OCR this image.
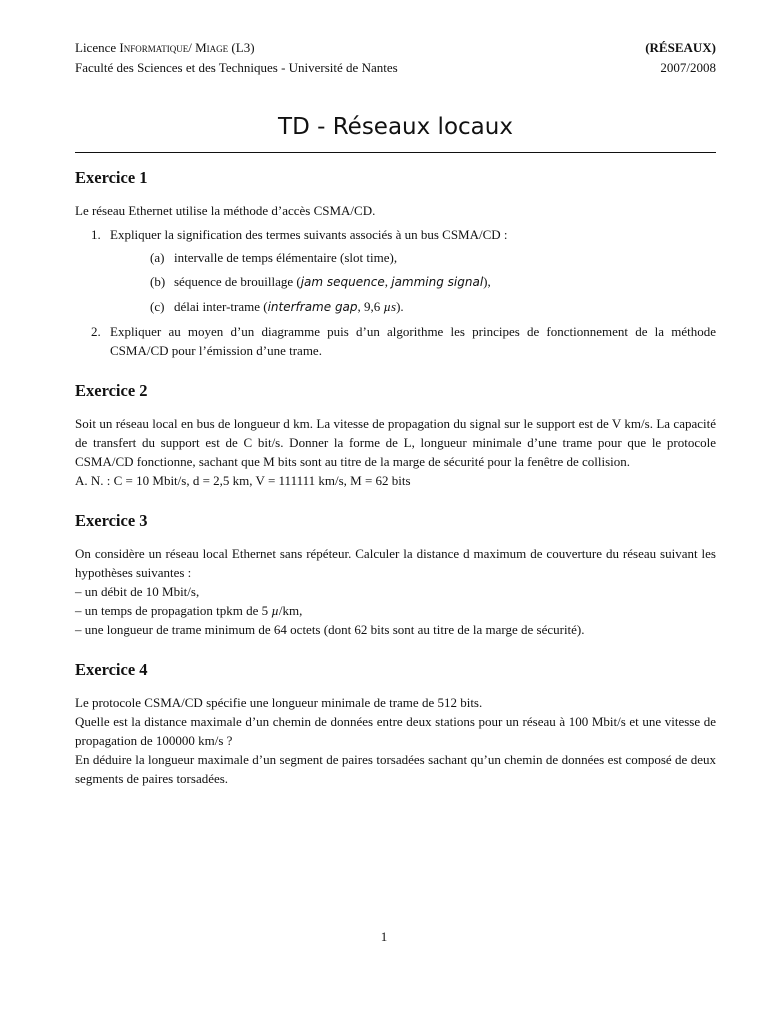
Licence Informatique/ Miage (L3)	(RÉSEAUX)
Faculté des Sciences et des Techniques - Université de Nantes	2007/2008
TD - Réseaux locaux
Exercice 1

Le réseau Ethernet utilise la méthode d’accès CSMA/CD.

1. Expliquer la signification des termes suivants associés à un bus CSMA/CD :
(a) intervalle de temps élémentaire (slot time),
(b) séquence de brouillage (jam sequence, jamming signal),
(c) délai inter-trame (interframe gap, 9,6 µs).
2. Expliquer au moyen d’un diagramme puis d’un algorithme les principes de fonctionnement de la méthode CSMA/CD pour l’émission d’une trame.

Exercice 2

Soit un réseau local en bus de longueur d km. La vitesse de propagation du signal sur le support est de V km/s. La capacité de transfert du support est de C bit/s. Donner la forme de L, longueur minimale d’une trame pour que le protocole CSMA/CD fonctionne, sachant que M bits sont au titre de la marge de sécurité pour la fenêtre de collision.

A. N. : C = 10 Mbit/s, d = 2,5 km, V = 111111 km/s, M = 62 bits

Exercice 3

On considère un réseau local Ethernet sans répéteur. Calculer la distance d maximum de couverture du réseau suivant les hypothèses suivantes :

– un débit de 10 Mbit/s,
– un temps de propagation tpkm de 5 µ/km,
– une longueur de trame minimum de 64 octets (dont 62 bits sont au titre de la marge de sécurité).
Exercice 4

Le protocole CSMA/CD spécifie une longueur minimale de trame de 512 bits.

Quelle est la distance maximale d’un chemin de données entre deux stations pour un réseau à 100 Mbit/s et une vitesse de propagation de 100000 km/s ?

En déduire la longueur maximale d’un segment de paires torsadées sachant qu’un chemin de données est composé de deux segments de paires torsadées.

1
